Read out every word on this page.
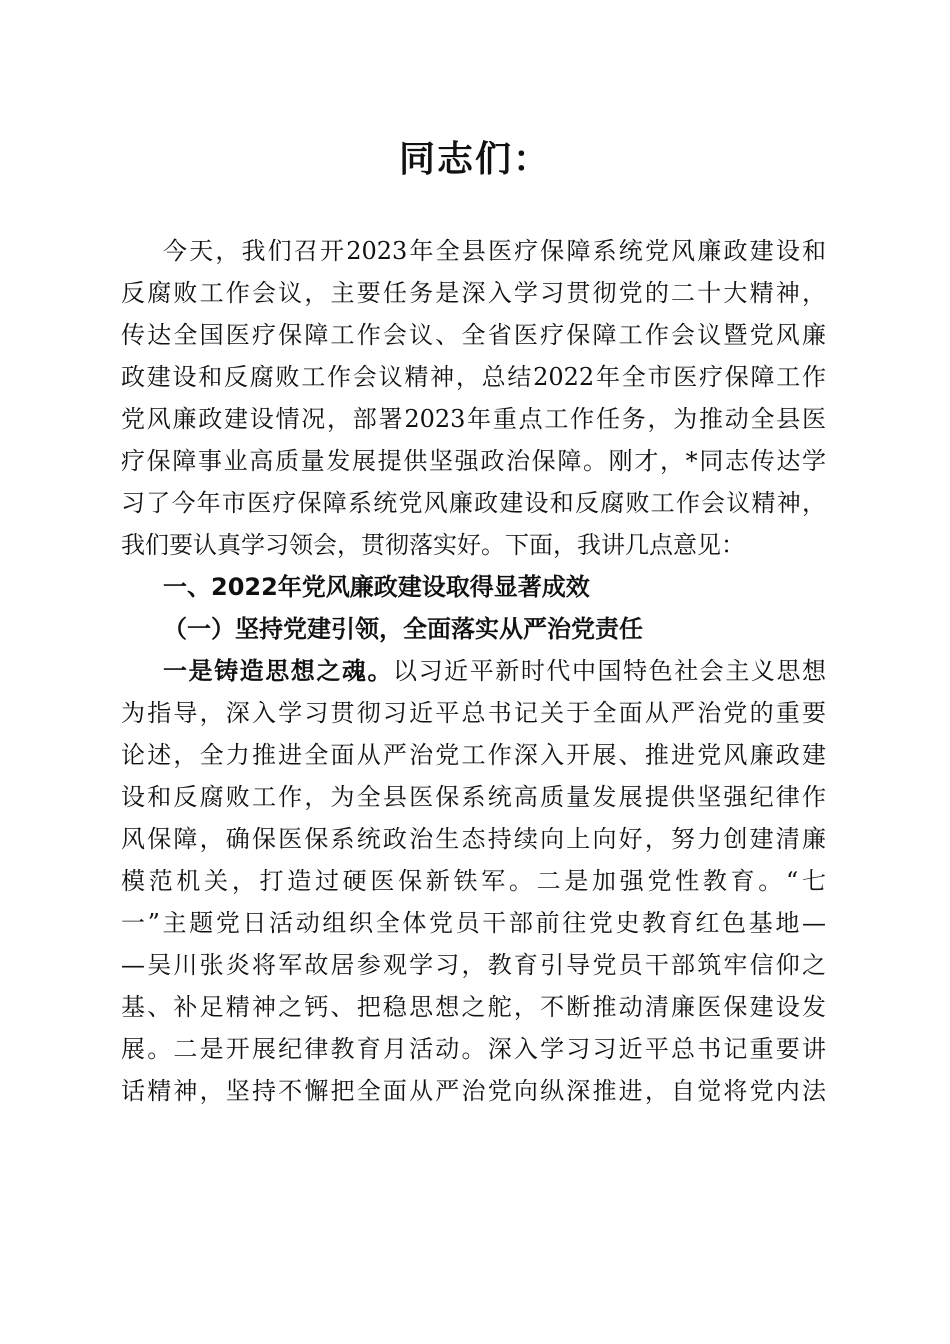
同志们：
今天，我们召开2023年全县医疗保障系统党风廉政建设和
反腐败工作会议，主要任务是深入学习贯彻党的二十大精神，
传达全国医疗保障工作会议、全省医疗保障工作会议暨党风廉
政建设和反腐败工作会议精神，总结2022年全市医疗保障工作
党风廉政建设情况，部署2023年重点工作任务，为推动全县医
疗保障事业高质量发展提供坚强政治保障。刚才，*同志传达学
习了今年市医疗保障系统党风廉政建设和反腐败工作会议精神，
我们要认真学习领会，贯彻落实好。下面，我讲几点意见：
一、2022年党风廉政建设取得显著成效
（一）坚持党建引领，全面落实从严治党责任
一是铸造思想之魂。以习近平新时代中国特色社会主义思想
为指导，深入学习贯彻习近平总书记关于全面从严治党的重要
论述，全力推进全面从严治党工作深入开展、推进党风廉政建
设和反腐败工作，为全县医保系统高质量发展提供坚强纪律作
风保障，确保医保系统政治生态持续向上向好，努力创建清廉
模范机关，打造过硬医保新铁军。二是加强党性教育。“七
一”主题党日活动组织全体党员干部前往党史教育红色基地—
—吴川张炎将军故居参观学习，教育引导党员干部筑牢信仰之
基、补足精神之钙、把稳思想之舵，不断推动清廉医保建设发
展。二是开展纪律教育月活动。深入学习习近平总书记重要讲
话精神，坚持不懈把全面从严治党向纵深推进，自觉将党内法
